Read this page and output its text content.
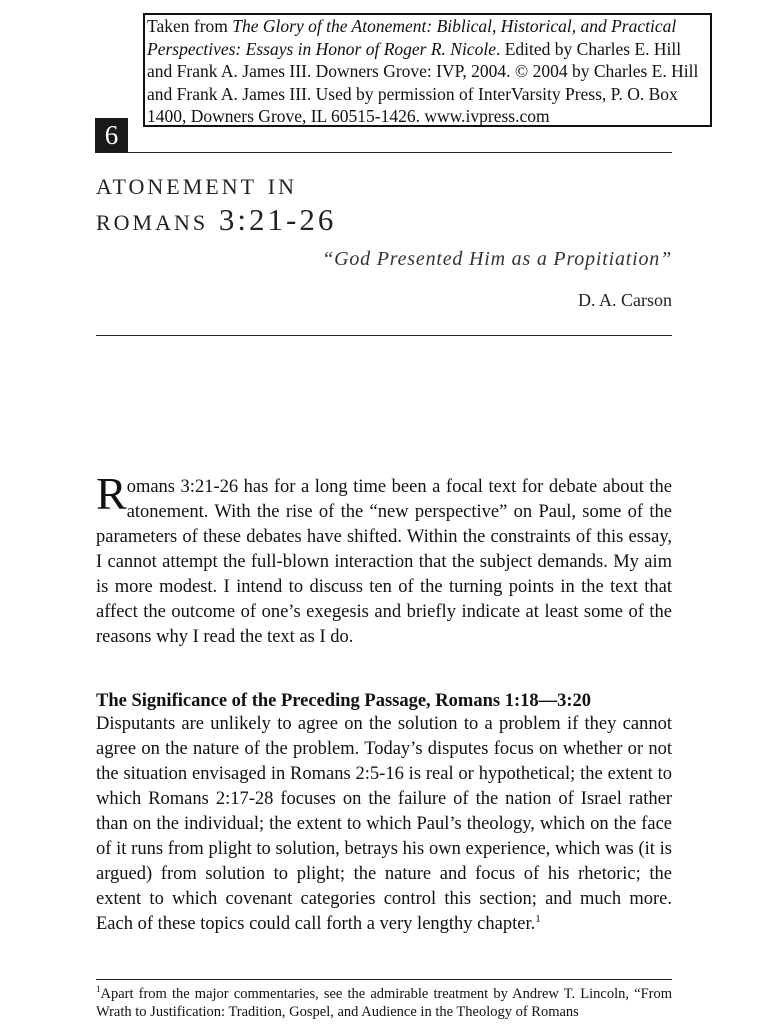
Taken from The Glory of the Atonement: Biblical, Historical, and Practical Perspectives: Essays in Honor of Roger R. Nicole. Edited by Charles E. Hill and Frank A. James III. Downers Grove: IVP, 2004. © 2004 by Charles E. Hill and Frank A. James III. Used by permission of InterVarsity Press, P. O. Box 1400, Downers Grove, IL 60515-1426. www.ivpress.com
6
atonement in
romans 3:21-26
“God Presented Him as a Propitiation”
D. A. Carson
Romans 3:21-26 has for a long time been a focal text for debate about the atonement. With the rise of the “new perspective” on Paul, some of the parameters of these debates have shifted. Within the constraints of this essay, I cannot attempt the full-blown interaction that the subject demands. My aim is more modest. I intend to discuss ten of the turning points in the text that affect the outcome of one’s exegesis and briefly indicate at least some of the reasons why I read the text as I do.
The Significance of the Preceding Passage, Romans 1:18—3:20
Disputants are unlikely to agree on the solution to a problem if they cannot agree on the nature of the problem. Today’s disputes focus on whether or not the situation envisaged in Romans 2:5-16 is real or hypothetical; the extent to which Romans 2:17-28 focuses on the failure of the nation of Israel rather than on the individual; the extent to which Paul’s theology, which on the face of it runs from plight to solution, betrays his own experience, which was (it is argued) from solution to plight; the nature and focus of his rhetoric; the extent to which covenant categories control this section; and much more. Each of these topics could call forth a very lengthy chapter.$^1$
$^1$Apart from the major commentaries, see the admirable treatment by Andrew T. Lincoln, “From Wrath to Justification: Tradition, Gospel, and Audience in the Theology of Romans
